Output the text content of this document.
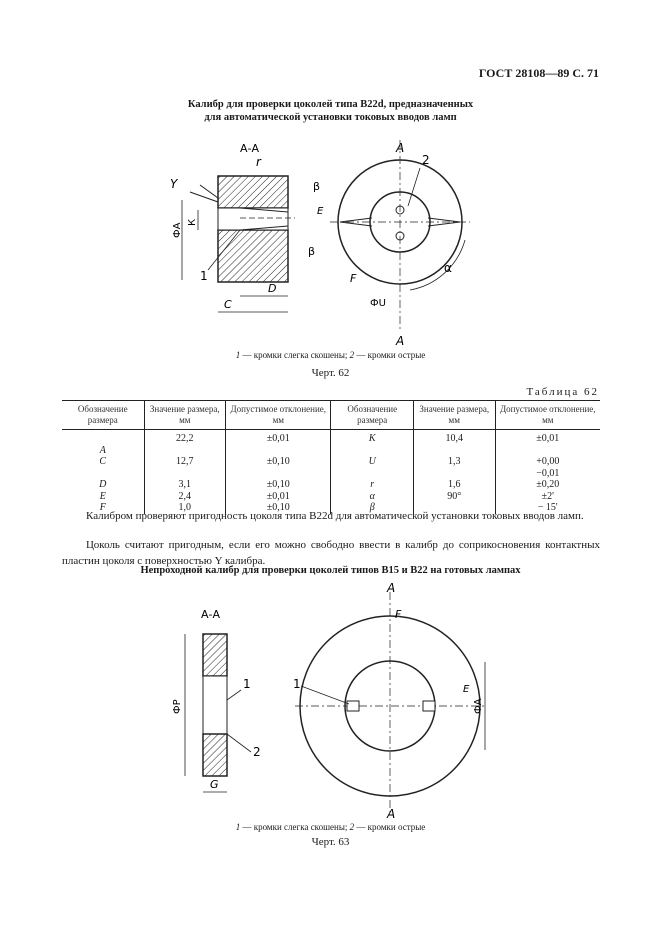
ГОСТ 28108—89 С. 71
Калибр для проверки цоколей типа B22d, предназначенных
для автоматической установки токовых вводов ламп
А-А
r
Y
ФА
К
1
D
C
2
β
E
β
F
ФU
α
A
A
1 — кромки слегка скошены; 2 — кромки острые
Черт. 62
Таблица 62
Обозначение размера	Значение размера, мм	Допустимое отклонение, мм	Обозначение размера	Значение размера, мм	Допустимое отклонение, мм
	22,2	±0,01	K	10,4	±0,01
A					
C	12,7	±0,10	U	1,3	+0,00
					−0,01
D	3,1	±0,10	r	1,6	±0,20
E	2,4	±0,01	α	90°	±2'
F	1,0	±0,10	β		− 15'
Калибром проверяют пригодность цоколя типа B22d для автоматической установки токовых вводов ламп.
Цоколь считают пригодным, если его можно свободно ввести в калибр до соприкосновения контактных пластин цоколя с поверхностью Y калибра.
Непроходной калибр для проверки цоколей типов B15 и B22 на готовых лампах
А-А
ФР
1
2
G
1
F
E
ФА
A
A
1 — кромки слегка скошены; 2 — кромки острые
Черт. 63
